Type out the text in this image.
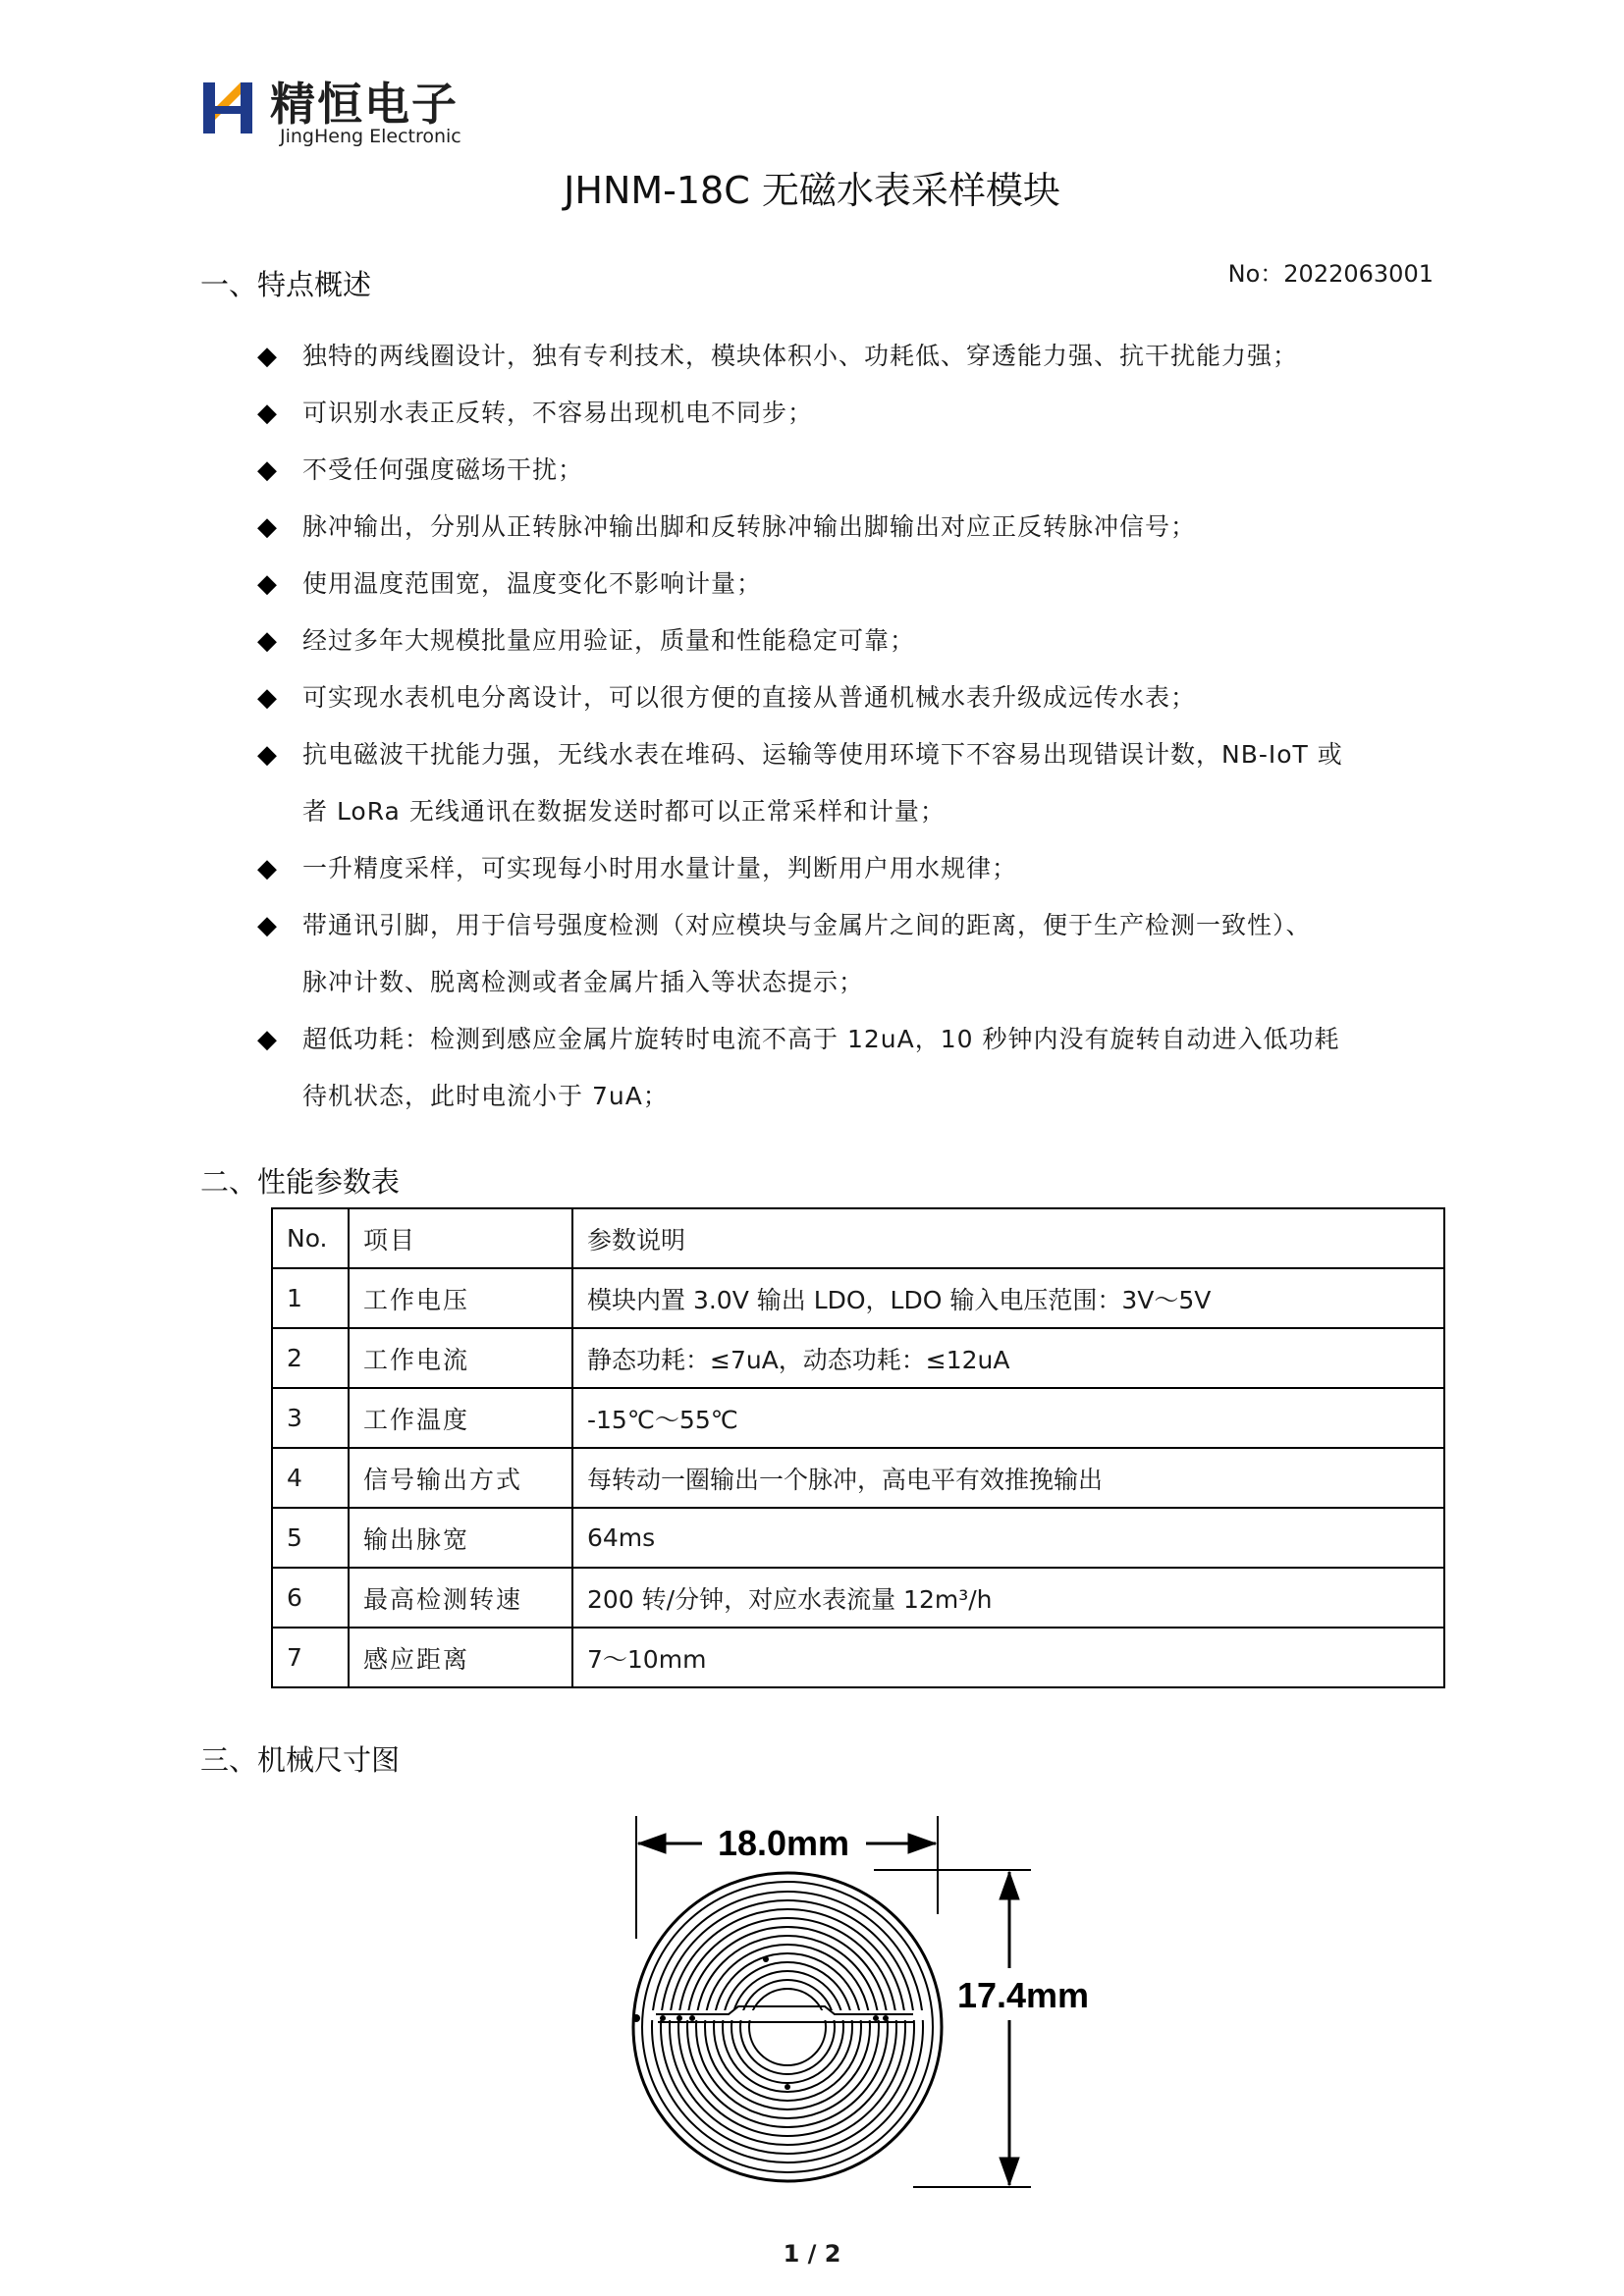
精恒电子
JingHeng Electronic
JHNM-18C 无磁水表采样模块
No：2022063001
一、特点概述
◆	独特的两线圈设计，独有专利技术，模块体积小、功耗低、穿透能力强、抗干扰能力强；
◆	可识别水表正反转，不容易出现机电不同步；
◆	不受任何强度磁场干扰；
◆	脉冲输出，分别从正转脉冲输出脚和反转脉冲输出脚输出对应正反转脉冲信号；
◆	使用温度范围宽，温度变化不影响计量；
◆	经过多年大规模批量应用验证，质量和性能稳定可靠；
◆	可实现水表机电分离设计，可以很方便的直接从普通机械水表升级成远传水表；
◆	抗电磁波干扰能力强，无线水表在堆码、运输等使用环境下不容易出现错误计数，NB-IoT 或
者 LoRa 无线通讯在数据发送时都可以正常采样和计量；
◆	一升精度采样，可实现每小时用水量计量，判断用户用水规律；
◆	带通讯引脚，用于信号强度检测（对应模块与金属片之间的距离，便于生产检测一致性）、
脉冲计数、脱离检测或者金属片插入等状态提示；
◆	超低功耗：检测到感应金属片旋转时电流不高于 12uA，10 秒钟内没有旋转自动进入低功耗
待机状态，此时电流小于 7uA；
二、性能参数表
No.	项目	参数说明
1	工作电压	模块内置 3.0V 输出 LDO，LDO 输入电压范围：3V～5V
2	工作电流	静态功耗：≤7uA，动态功耗：≤12uA
3	工作温度	-15℃～55℃
4	信号输出方式	每转动一圈输出一个脉冲，高电平有效推挽输出
5	输出脉宽	64ms
6	最高检测转速	200 转/分钟，对应水表流量 12m³/h
7	感应距离	7～10mm
三、机械尺寸图
18.0mm
17.4mm
1 / 2
